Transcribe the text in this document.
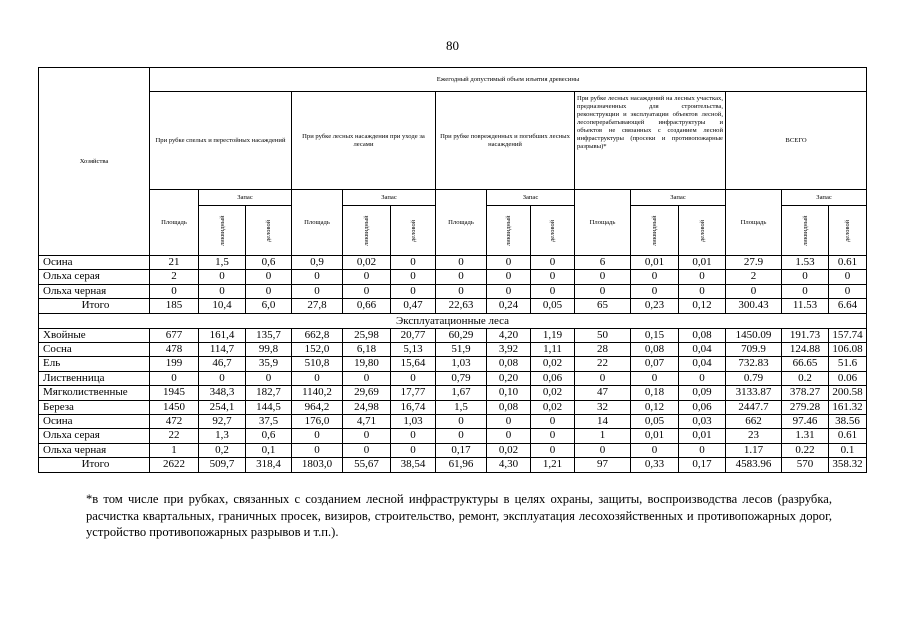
80
Хозяйства	Ежегодный допустимый объем изъятия древесины														
	При рубке спелых и перестойных насаждений			При рубке лесных насаждения при уходе за лесами			При рубке поврежденных и погибших лесных насаждений			При рубке лесных насаждений на лесных участках, предназначенных для строительства, реконструкции и эксплуатации объектов лесной, лесоперерабатывающей инфраструктуры и объектов не связанных с созданием лесной инфраструктуры (просеки и противопожарные разрывы)*			ВСЕГО		
	Площадь	Запас		Площадь	Запас		Площадь	Запас		Площадь	Запас		Площадь	Запас	

		ликвидный	деловой		ликвидный	деловой		ликвидный	деловой		ликвидный	деловой		ликвидный	деловой

Осина	21	1,5	0,6	0,9	0,02	0	0	0	0	6	0,01	0,01	27.9	1.53	0.61
Ольха серая	2	0	0	0	0	0	0	0	0	0	0	0	2	0	0
Ольха черная	0	0	0	0	0	0	0	0	0	0	0	0	0	0	0
Итого	185	10,4	6,0	27,8	0,66	0,47	22,63	0,24	0,05	65	0,23	0,12	300.43	11.53	6.64
Эксплуатационные леса															
Хвойные	677	161,4	135,7	662,8	25,98	20,77	60,29	4,20	1,19	50	0,15	0,08	1450.09	191.73	157.74
Сосна	478	114,7	99,8	152,0	6,18	5,13	51,9	3,92	1,11	28	0,08	0,04	709.9	124.88	106.08
Ель	199	46,7	35,9	510,8	19,80	15,64	1,03	0,08	0,02	22	0,07	0,04	732.83	66.65	51.6
Лиственница	0	0	0	0	0	0	0,79	0,20	0,06	0	0	0	0.79	0.2	0.06
Мягколиственные	1945	348,3	182,7	1140,2	29,69	17,77	1,67	0,10	0,02	47	0,18	0,09	3133.87	378.27	200.58
Береза	1450	254,1	144,5	964,2	24,98	16,74	1,5	0,08	0,02	32	0,12	0,06	2447.7	279.28	161.32
Осина	472	92,7	37,5	176,0	4,71	1,03	0	0	0	14	0,05	0,03	662	97.46	38.56
Ольха серая	22	1,3	0,6	0	0	0	0	0	0	1	0,01	0,01	23	1.31	0.61
Ольха черная	1	0,2	0,1	0	0	0	0,17	0,02	0	0	0	0	1.17	0.22	0.1
Итого	2622	509,7	318,4	1803,0	55,67	38,54	61,96	4,30	1,21	97	0,33	0,17	4583.96	570	358.32
*в том числе при рубках, связанных с созданием лесной инфраструктуры в целях охраны, защиты, воспроизводства лесов (разрубка, расчистка квартальных, граничных просек, визиров, строительство, ремонт, эксплуатация лесохозяйственных и противопожарных дорог, устройство противопожарных разрывов и т.п.).
